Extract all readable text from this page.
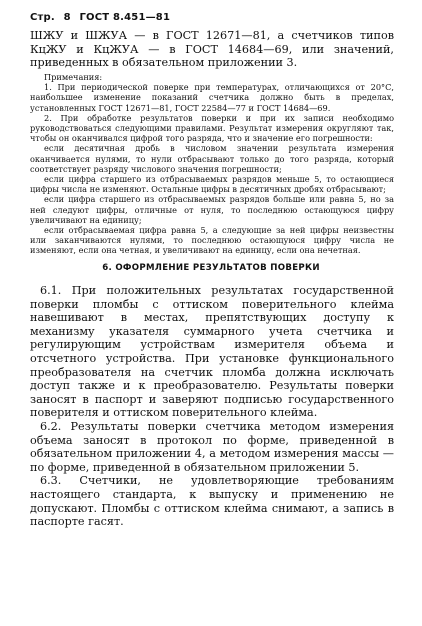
Стр. 8 ГОСТ 8.451—81

ШЖУ и ШЖУА — в ГОСТ 12671—81, а счетчиков типов КцЖУ и КцЖУА — в ГОСТ 14684—69, или значений, приведенных в обязательном приложении 3.

Примечания:

1. При периодической поверке при температурах, отличающихся от 20°С, наибольшее изменение показаний счетчика должно быть в пределах, установленных ГОСТ 12671—81, ГОСТ 22584—77 и ГОСТ 14684—69.

2. При обработке результатов поверки и при их записи необходимо руководствоваться следующими правилами. Результат измерения округляют так, чтобы он оканчивался цифрой того разряда, что и значение его погрешности:

если десятичная дробь в числовом значении результата измерения оканчивается нулями, то нули отбрасывают только до того разряда, который соответствует разряду числового значения погрешности;

если цифра старшего из отбрасываемых разрядов меньше 5, то остающиеся цифры числа не изменяют. Остальные цифры в десятичных дробях отбрасывают;

если цифра старшего из отбрасываемых разрядов больше или равна 5, но за ней следуют цифры, отличные от нуля, то последнюю остающуюся цифру увеличивают на единицу;

если отбрасываемая цифра равна 5, а следующие за ней цифры неизвестны или заканчиваются нулями, то последнюю остающуюся цифру числа не изменяют, если она четная, и увеличивают на единицу, если она нечетная.

6. ОФОРМЛЕНИЕ РЕЗУЛЬТАТОВ ПОВЕРКИ

6.1. При положительных результатах государственной поверки пломбы с оттиском поверительного клейма навешивают в местах, препятствующих доступу к механизму указателя суммарного учета счетчика и регулирующим устройствам измерителя объема и отсчетного устройства. При установке функционального преобразователя на счетчик пломба должна исключать доступ также и к преобразователю. Результаты поверки заносят в паспорт и заверяют подписью государственного поверителя и оттиском поверительного клейма.

6.2. Результаты поверки счетчика методом измерения объема заносят в протокол по форме, приведенной в обязательном приложении 4, а методом измерения массы — по форме, приведенной в обязательном приложении 5.

6.3. Счетчики, не удовлетворяющие требованиям настоящего стандарта, к выпуску и применению не допускают. Пломбы с оттиском клейма снимают, а запись в паспорте гасят.
